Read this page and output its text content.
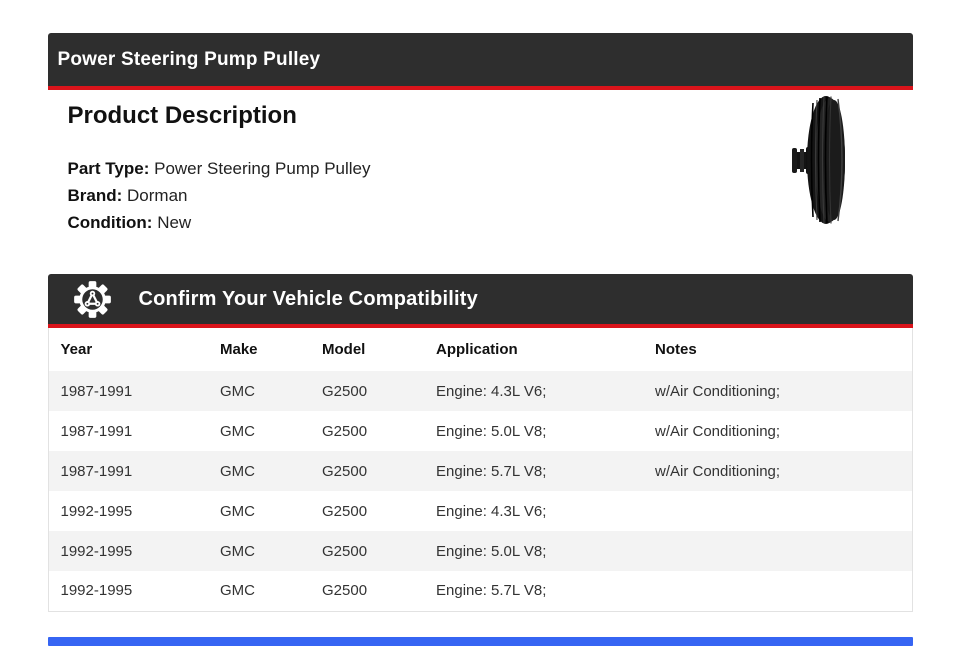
Power Steering Pump Pulley
Product Description
Part Type: Power Steering Pump Pulley
Brand: Dorman
Condition: New
Confirm Your Vehicle Compatibility
Year	Make	Model	Application	Notes
1987-1991	GMC	G2500	Engine: 4.3L V6;	w/Air Conditioning;
1987-1991	GMC	G2500	Engine: 5.0L V8;	w/Air Conditioning;
1987-1991	GMC	G2500	Engine: 5.7L V8;	w/Air Conditioning;
1992-1995	GMC	G2500	Engine: 4.3L V6;	
1992-1995	GMC	G2500	Engine: 5.0L V8;	
1992-1995	GMC	G2500	Engine: 5.7L V8;	
